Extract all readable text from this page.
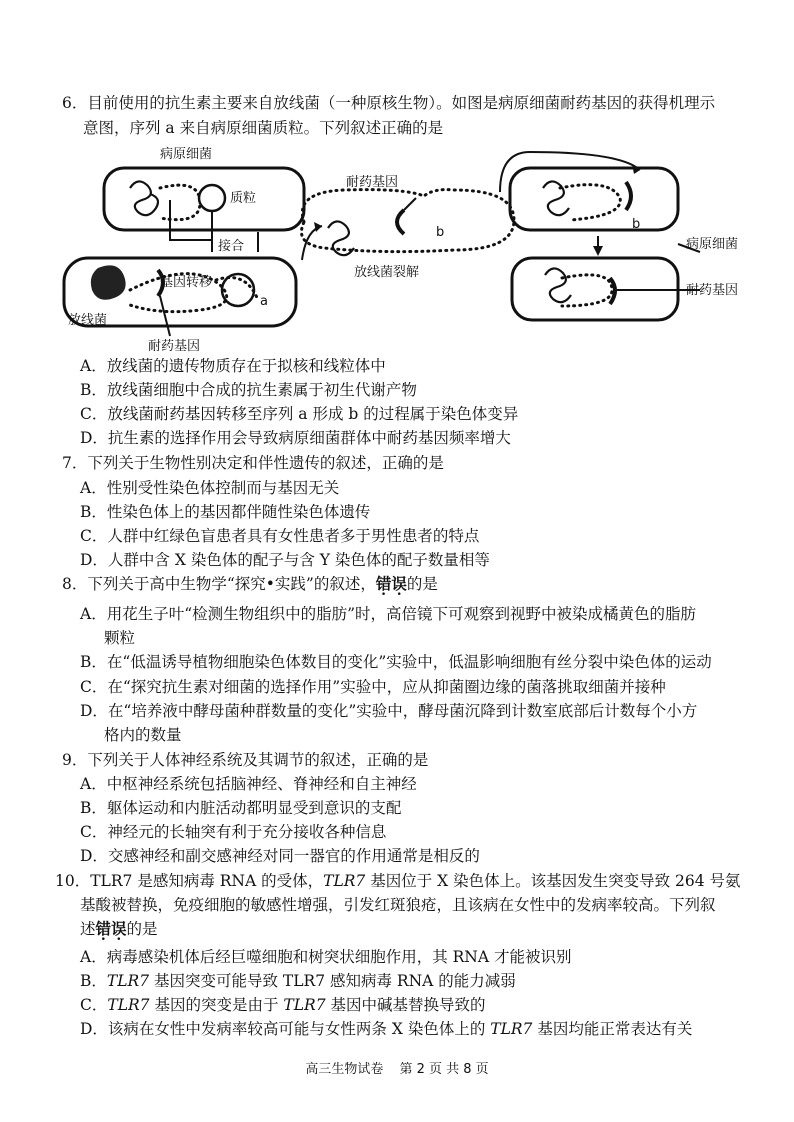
6．目前使用的抗生素主要来自放线菌（一种原核生物）。如图是病原细菌耐药基因的获得机理示
意图，序列 a 来自病原细菌质粒。下列叙述正确的是
病原细菌
质粒
接合
基因转移
放线菌
耐药基因
a
耐药基因
b
放线菌裂解
b
病原细菌
耐药基因
A．放线菌的遗传物质存在于拟核和线粒体中
B．放线菌细胞中合成的抗生素属于初生代谢产物
C．放线菌耐药基因转移至序列 a 形成 b 的过程属于染色体变异
D．抗生素的选择作用会导致病原细菌群体中耐药基因频率增大
7．下列关于生物性别决定和伴性遗传的叙述，正确的是
A．性别受性染色体控制而与基因无关
B．性染色体上的基因都伴随性染色体遗传
C．人群中红绿色盲患者具有女性患者多于男性患者的特点
D．人群中含 X 染色体的配子与含 Y 染色体的配子数量相等
8．下列关于高中生物学“探究•实践”的叙述，错误的是
A．用花生子叶“检测生物组织中的脂肪”时，高倍镜下可观察到视野中被染成橘黄色的脂肪
颗粒
B．在“低温诱导植物细胞染色体数目的变化”实验中，低温影响细胞有丝分裂中染色体的运动
C．在“探究抗生素对细菌的选择作用”实验中，应从抑菌圈边缘的菌落挑取细菌并接种
D．在“培养液中酵母菌种群数量的变化”实验中，酵母菌沉降到计数室底部后计数每个小方
格内的数量
9．下列关于人体神经系统及其调节的叙述，正确的是
A．中枢神经系统包括脑神经、脊神经和自主神经
B．躯体运动和内脏活动都明显受到意识的支配
C．神经元的长轴突有利于充分接收各种信息
D．交感神经和副交感神经对同一器官的作用通常是相反的
10．TLR7 是感知病毒 RNA 的受体，TLR7 基因位于 X 染色体上。该基因发生突变导致 264 号氨
基酸被替换，免疫细胞的敏感性增强，引发红斑狼疮，且该病在女性中的发病率较高。下列叙
述错误的是
A．病毒感染机体后经巨噬细胞和树突状细胞作用，其 RNA 才能被识别
B．TLR7 基因突变可能导致 TLR7 感知病毒 RNA 的能力减弱
C．TLR7 基因的突变是由于 TLR7 基因中碱基替换导致的
D．该病在女性中发病率较高可能与女性两条 X 染色体上的 TLR7 基因均能正常表达有关
高三生物试卷 第 2 页 共 8 页
